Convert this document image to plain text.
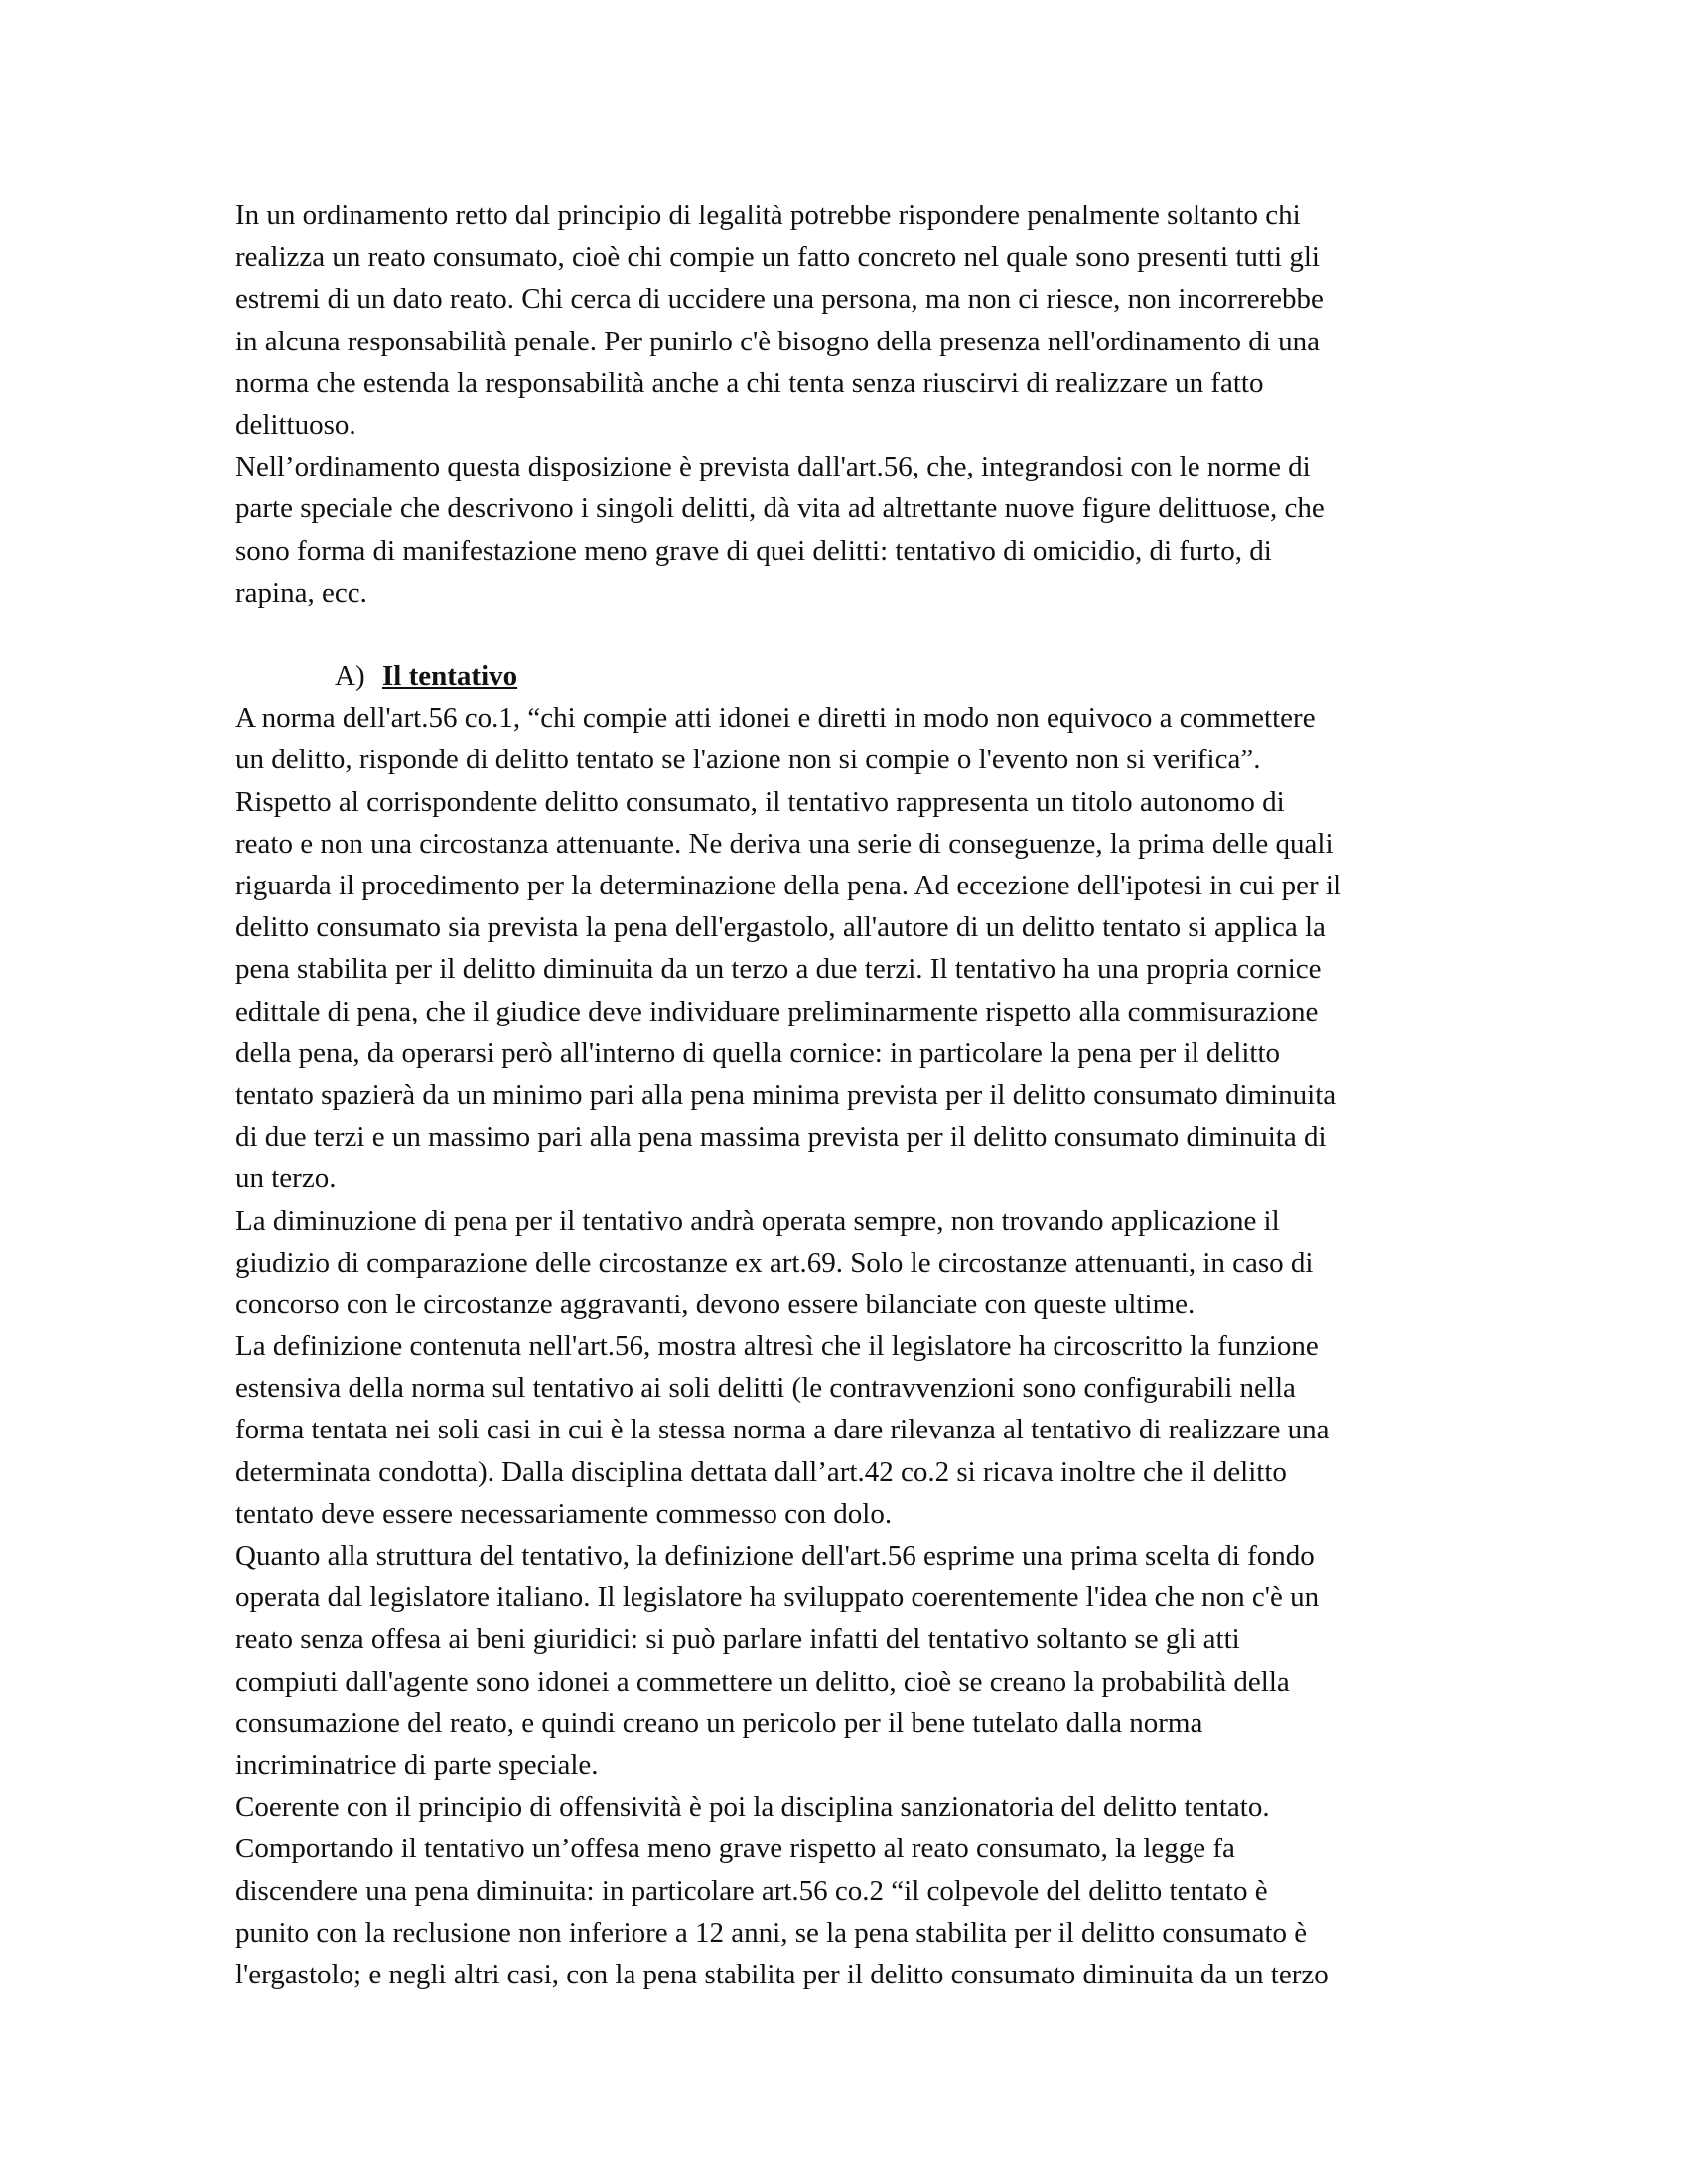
In un ordinamento retto dal principio di legalità potrebbe rispondere penalmente soltanto chi
realizza un reato consumato, cioè chi compie un fatto concreto nel quale sono presenti tutti gli
estremi di un dato reato. Chi cerca di uccidere una persona, ma non ci riesce, non incorrerebbe
in alcuna responsabilità penale. Per punirlo c'è bisogno della presenza nell'ordinamento di una
norma che estenda la responsabilità anche a chi tenta senza riuscirvi di realizzare un fatto
delittuoso.
Nell’ordinamento questa disposizione è prevista dall'art.56, che, integrandosi con le norme di
parte speciale che descrivono i singoli delitti, dà vita ad altrettante nuove figure delittuose, che
sono forma di manifestazione meno grave di quei delitti: tentativo di omicidio, di furto, di
rapina, ecc.
A) Il tentativo
A norma dell'art.56 co.1, “chi compie atti idonei e diretti in modo non equivoco a commettere
un delitto, risponde di delitto tentato se l'azione non si compie o l'evento non si verifica”.
Rispetto al corrispondente delitto consumato, il tentativo rappresenta un titolo autonomo di
reato e non una circostanza attenuante. Ne deriva una serie di conseguenze, la prima delle quali
riguarda il procedimento per la determinazione della pena. Ad eccezione dell'ipotesi in cui per il
delitto consumato sia prevista la pena dell'ergastolo, all'autore di un delitto tentato si applica la
pena stabilita per il delitto diminuita da un terzo a due terzi. Il tentativo ha una propria cornice
edittale di pena, che il giudice deve individuare preliminarmente rispetto alla commisurazione
della pena, da operarsi però all'interno di quella cornice: in particolare la pena per il delitto
tentato spazierà da un minimo pari alla pena minima prevista per il delitto consumato diminuita
di due terzi e un massimo pari alla pena massima prevista per il delitto consumato diminuita di
un terzo.
La diminuzione di pena per il tentativo andrà operata sempre, non trovando applicazione il
giudizio di comparazione delle circostanze ex art.69. Solo le circostanze attenuanti, in caso di
concorso con le circostanze aggravanti, devono essere bilanciate con queste ultime.
La definizione contenuta nell'art.56, mostra altresì che il legislatore ha circoscritto la funzione
estensiva della norma sul tentativo ai soli delitti (le contravvenzioni sono configurabili nella
forma tentata nei soli casi in cui è la stessa norma a dare rilevanza al tentativo di realizzare una
determinata condotta). Dalla disciplina dettata dall’art.42 co.2 si ricava inoltre che il delitto
tentato deve essere necessariamente commesso con dolo.
Quanto alla struttura del tentativo, la definizione dell'art.56 esprime una prima scelta di fondo
operata dal legislatore italiano. Il legislatore ha sviluppato coerentemente l'idea che non c'è un
reato senza offesa ai beni giuridici: si può parlare infatti del tentativo soltanto se gli atti
compiuti dall'agente sono idonei a commettere un delitto, cioè se creano la probabilità della
consumazione del reato, e quindi creano un pericolo per il bene tutelato dalla norma
incriminatrice di parte speciale.
Coerente con il principio di offensività è poi la disciplina sanzionatoria del delitto tentato.
Comportando il tentativo un’offesa meno grave rispetto al reato consumato, la legge fa
discendere una pena diminuita: in particolare art.56 co.2 “il colpevole del delitto tentato è
punito con la reclusione non inferiore a 12 anni, se la pena stabilita per il delitto consumato è
l'ergastolo; e negli altri casi, con la pena stabilita per il delitto consumato diminuita da un terzo
